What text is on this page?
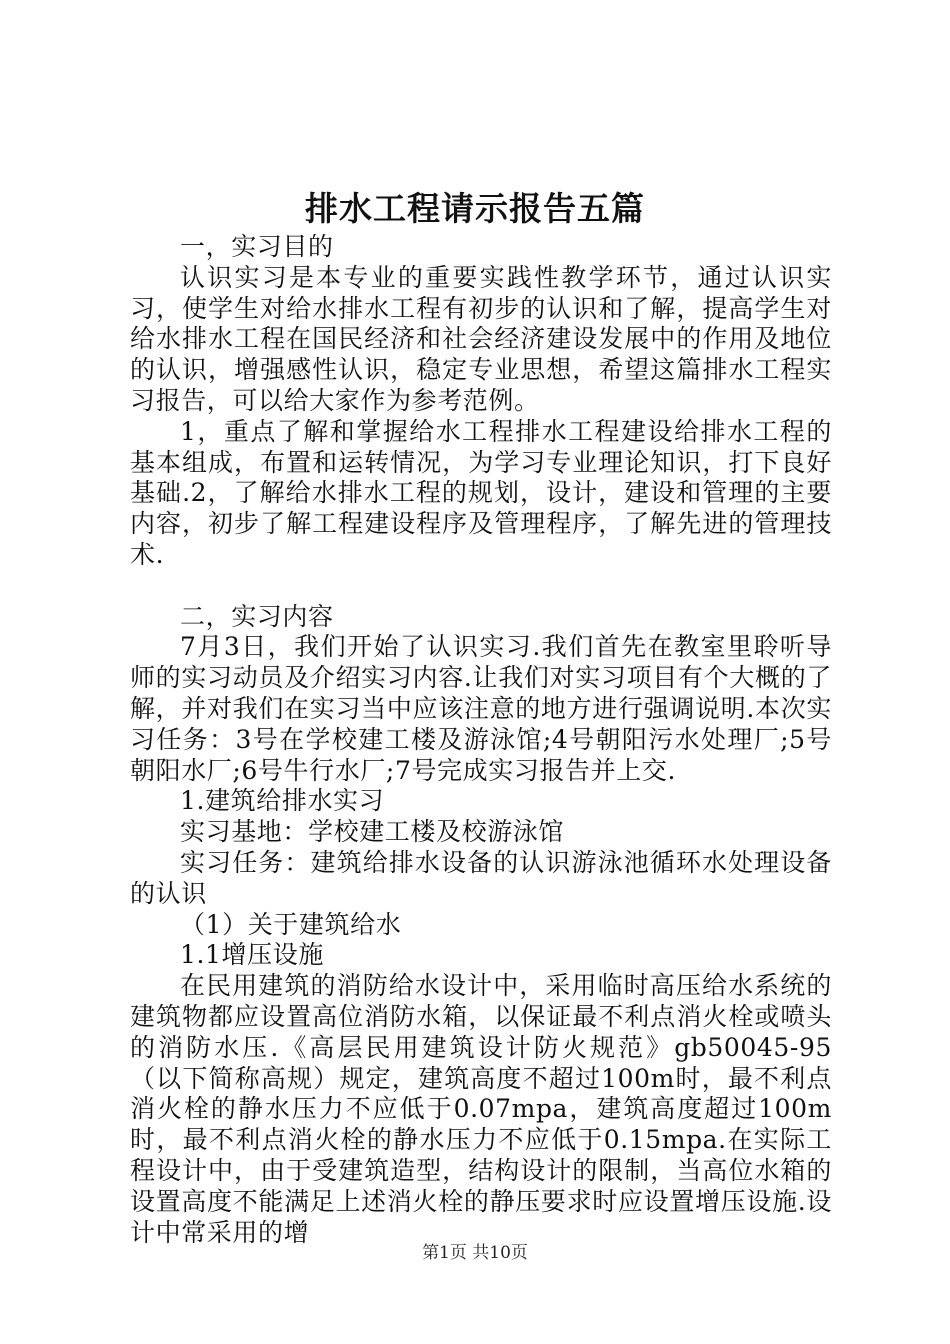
排水工程请示报告五篇

一，实习目的

认识实习是本专业的重要实践性教学环节，通过认识实习，使学生对给水排水工程有初步的认识和了解，提高学生对给水排水工程在国民经济和社会经济建设发展中的作用及地位的认识，增强感性认识，稳定专业思想，希望这篇排水工程实习报告，可以给大家作为参考范例。

1，重点了解和掌握给水工程排水工程建设给排水工程的基本组成，布置和运转情况，为学习专业理论知识，打下良好基础.2，了解给水排水工程的规划，设计，建设和管理的主要内容，初步了解工程建设程序及管理程序，了解先进的管理技术.

二，实习内容

7月3日，我们开始了认识实习.我们首先在教室里聆听导师的实习动员及介绍实习内容.让我们对实习项目有个大概的了解，并对我们在实习当中应该注意的地方进行强调说明.本次实习任务：3号在学校建工楼及游泳馆;4号朝阳污水处理厂;5号朝阳水厂;6号牛行水厂;7号完成实习报告并上交.

1.建筑给排水实习

实习基地：学校建工楼及校游泳馆

实习任务：建筑给排水设备的认识游泳池循环水处理设备的认识

（1）关于建筑给水

1.1增压设施

在民用建筑的消防给水设计中，采用临时高压给水系统的建筑物都应设置高位消防水箱，以保证最不利点消火栓或喷头的消防水压.《高层民用建筑设计防火规范》gb50045-95（以下简称高规）规定，建筑高度不超过100m时，最不利点消火栓的静水压力不应低于0.07mpa，建筑高度超过100m时，最不利点消火栓的静水压力不应低于0.15mpa.在实际工程设计中，由于受建筑造型，结构设计的限制，当高位水箱的设置高度不能满足上述消火栓的静压要求时应设置增压设施.设计中常采用的增

第1页 共10页
